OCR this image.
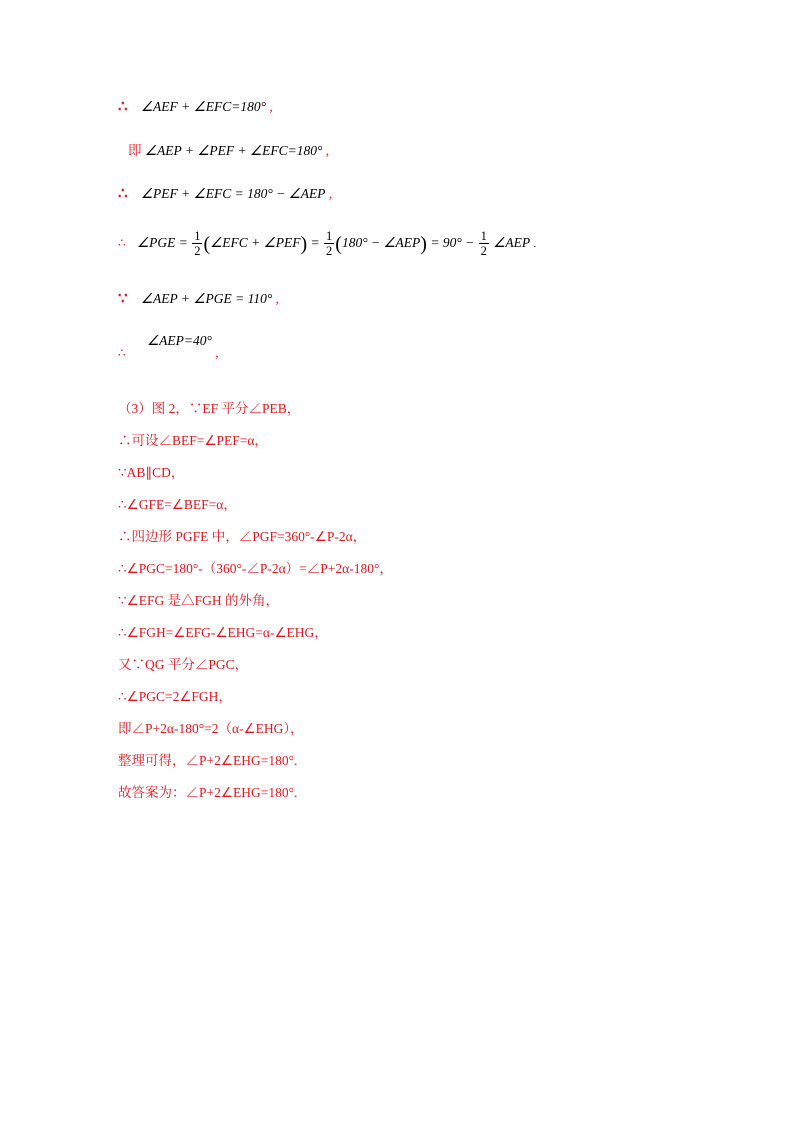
∴ ∠AEF + ∠EFC=180° ,
即 ∠AEP + ∠PEF + ∠EFC=180° ,
∴ ∠PEF + ∠EFC = 180° − ∠AEP ,
∴ ∠PGE = $\frac{1}{2}$ (∠EFC + ∠PEF) = $\frac{1}{2} (180^\circ$ − ∠AEP) = $90^\circ - \frac{1}{2}$ ∠AEP .
∵ ∠AEP + ∠PGE = 110° ,
∴ ∠AEP=40° ,
（3）图 2，∵EF 平分∠PEB，
∴可设∠BEF=∠PEF=α，
∵AB∥CD，
∴∠GFE=∠BEF=α，
∴四边形 PGFE 中，∠PGF=360°-∠P-2α，
∴∠PGC=180°-（360°-∠P-2α）=∠P+2α-180°，
∵∠EFG 是△FGH 的外角，
∴∠FGH=∠EFG-∠EHG=α-∠EHG，
又∵QG 平分∠PGC，
∴∠PGC=2∠FGH，
即∠P+2α-180°=2（α-∠EHG），
整理可得，∠P+2∠EHG=180°.
故答案为：∠P+2∠EHG=180°.
